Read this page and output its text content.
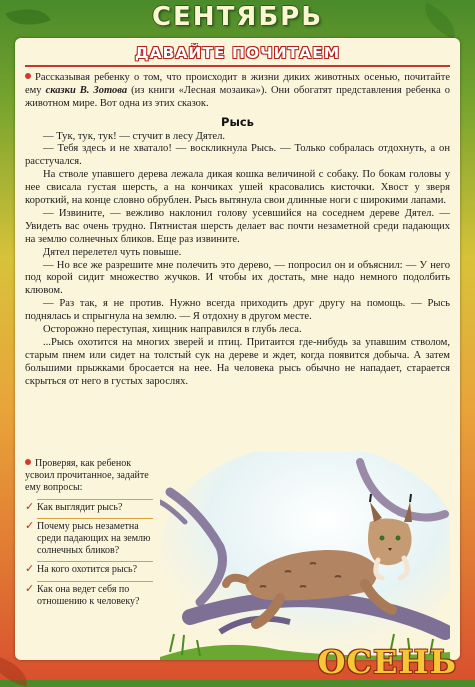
СЕНТЯБРЬ
ДАВАЙТЕ ПОЧИТАЕМ

Рассказывая ребенку о том, что происходит в жизни диких животных осенью, почитайте ему сказки В. Зотова (из книги «Лесная мозаика»). Они обогатят представления ребенка о животном мире. Вот одна из этих сказок.

Рысь

— Тук, тук, тук! — стучит в лесу Дятел.

— Тебя здесь и не хватало! — воскликнула Рысь. — Только собралась отдохнуть, а он расстучался.

На стволе упавшего дерева лежала дикая кошка величиной с собаку. По бокам головы у нее свисала густая шерсть, а на кончиках ушей красовались кисточки. Хвост у зверя короткий, на конце словно обрублен. Рысь вытянула свои длинные ноги с широкими лапами.

— Извините, — вежливо наклонил голову усевшийся на соседнем дереве Дятел. — Увидеть вас очень трудно. Пятнистая шерсть делает вас почти незаметной среди падающих на землю солнечных бликов. Еще раз извините.

Дятел перелетел чуть повыше.

— Но все же разрешите мне полечить это дерево, — попросил он и объяснил: — У него под корой сидит множество жучков. И чтобы их достать, мне надо немного подолбить клювом.

— Раз так, я не против. Нужно всегда приходить друг другу на помощь. — Рысь поднялась и спрыгнула на землю. — Я отдохну в другом месте.

Осторожно переступая, хищник направился в глубь леса.

...Рысь охотится на многих зверей и птиц. Притаится где-нибудь за упавшим стволом, старым пнем или сидет на толстый сук на дереве и ждет, когда появится добыча. А затем большими прыжками бросается на нее. На человека рысь обычно не нападает, старается скрыться от него в густых зарослях.

Проверяя, как ребенок усвоил прочитанное, задайте ему вопросы:

✓ Как выглядит рысь?
✓ Почему рысь незаметна среди падающих на землю солнечных бликов?
✓ На кого охотится рысь?
✓ Как она ведет себя по отношению к человеку?
ОСЕНЬ
